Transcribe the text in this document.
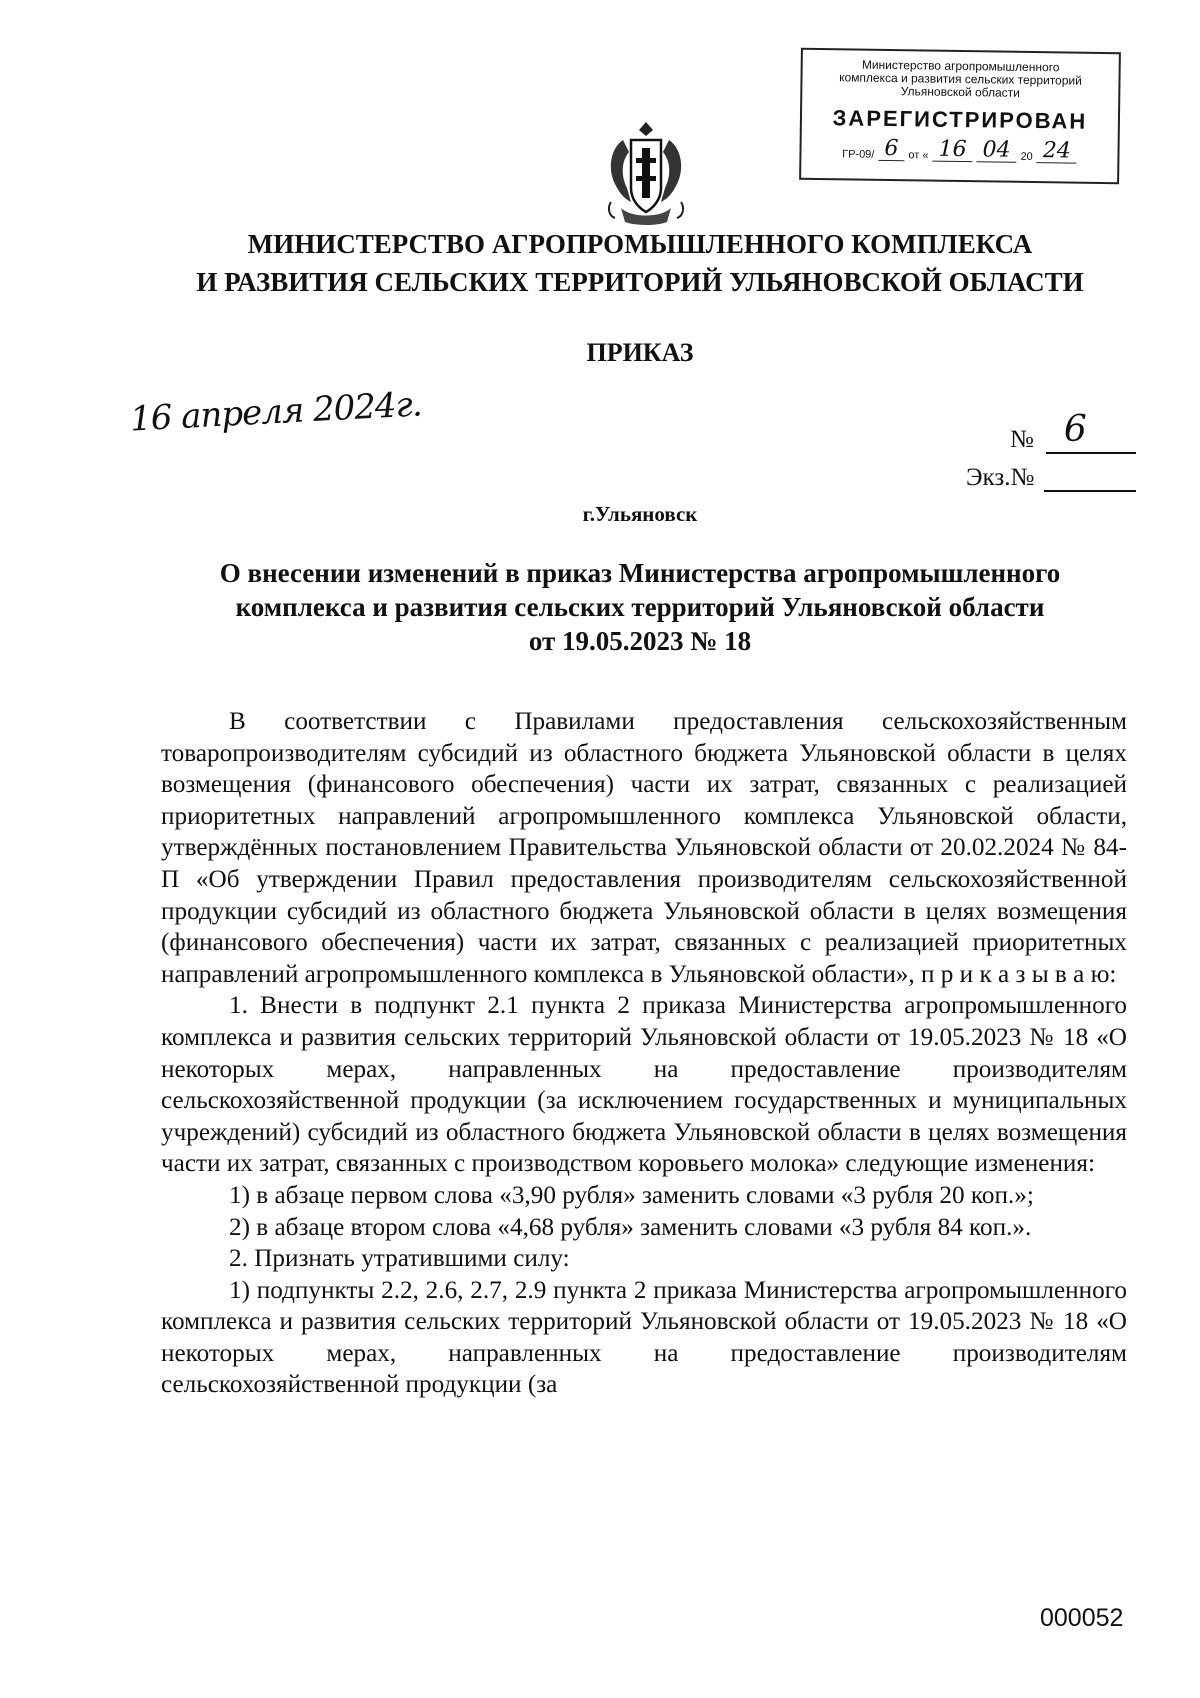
Министерство агропромышленного
комплекса и развития сельских территорий
Ульяновской области
ЗАРЕГИСТРИРОВАН
ГР-09/ 6 от « 16 04 20 24
МИНИСТЕРСТВО АГРОПРОМЫШЛЕННОГО КОМПЛЕКСА
И РАЗВИТИЯ СЕЛЬСКИХ ТЕРРИТОРИЙ УЛЬЯНОВСКОЙ ОБЛАСТИ
ПРИКАЗ
16 апреля 2024г.	№ 6
Экз.№
г.Ульяновск
О внесении изменений в приказ Министерства агропромышленного
комплекса и развития сельских территорий Ульяновской области
от 19.05.2023 № 18

В соответствии с Правилами предоставления сельскохозяйственным товаропроизводителям субсидий из областного бюджета Ульяновской области в целях возмещения (финансового обеспечения) части их затрат, связанных с реализацией приоритетных направлений агропромышленного комплекса Ульяновской области, утверждённых постановлением Правительства Ульяновской области от 20.02.2024 № 84-П «Об утверждении Правил предоставления производителям сельскохозяйственной продукции субсидий из областного бюджета Ульяновской области в целях возмещения (финансового обеспечения) части их затрат, связанных с реализацией приоритетных направлений агропромышленного комплекса в Ульяновской области», п р и к а з ы в а ю:

1. Внести в подпункт 2.1 пункта 2 приказа Министерства агропромышленного комплекса и развития сельских территорий Ульяновской области от 19.05.2023 № 18 «О некоторых мерах, направленных на предоставление производителям сельскохозяйственной продукции (за исключением государственных и муниципальных учреждений) субсидий из областного бюджета Ульяновской области в целях возмещения части их затрат, связанных с производством коровьего молока» следующие изменения:

1) в абзаце первом слова «3,90 рубля» заменить словами «3 рубля 20 коп.»;

2) в абзаце втором слова «4,68 рубля» заменить словами «3 рубля 84 коп.».

2. Признать утратившими силу:

1) подпункты 2.2, 2.6, 2.7, 2.9 пункта 2 приказа Министерства агропромышленного комплекса и развития сельских территорий Ульяновской области от 19.05.2023 № 18 «О некоторых мерах, направленных на предоставление производителям сельскохозяйственной продукции (за

000052
